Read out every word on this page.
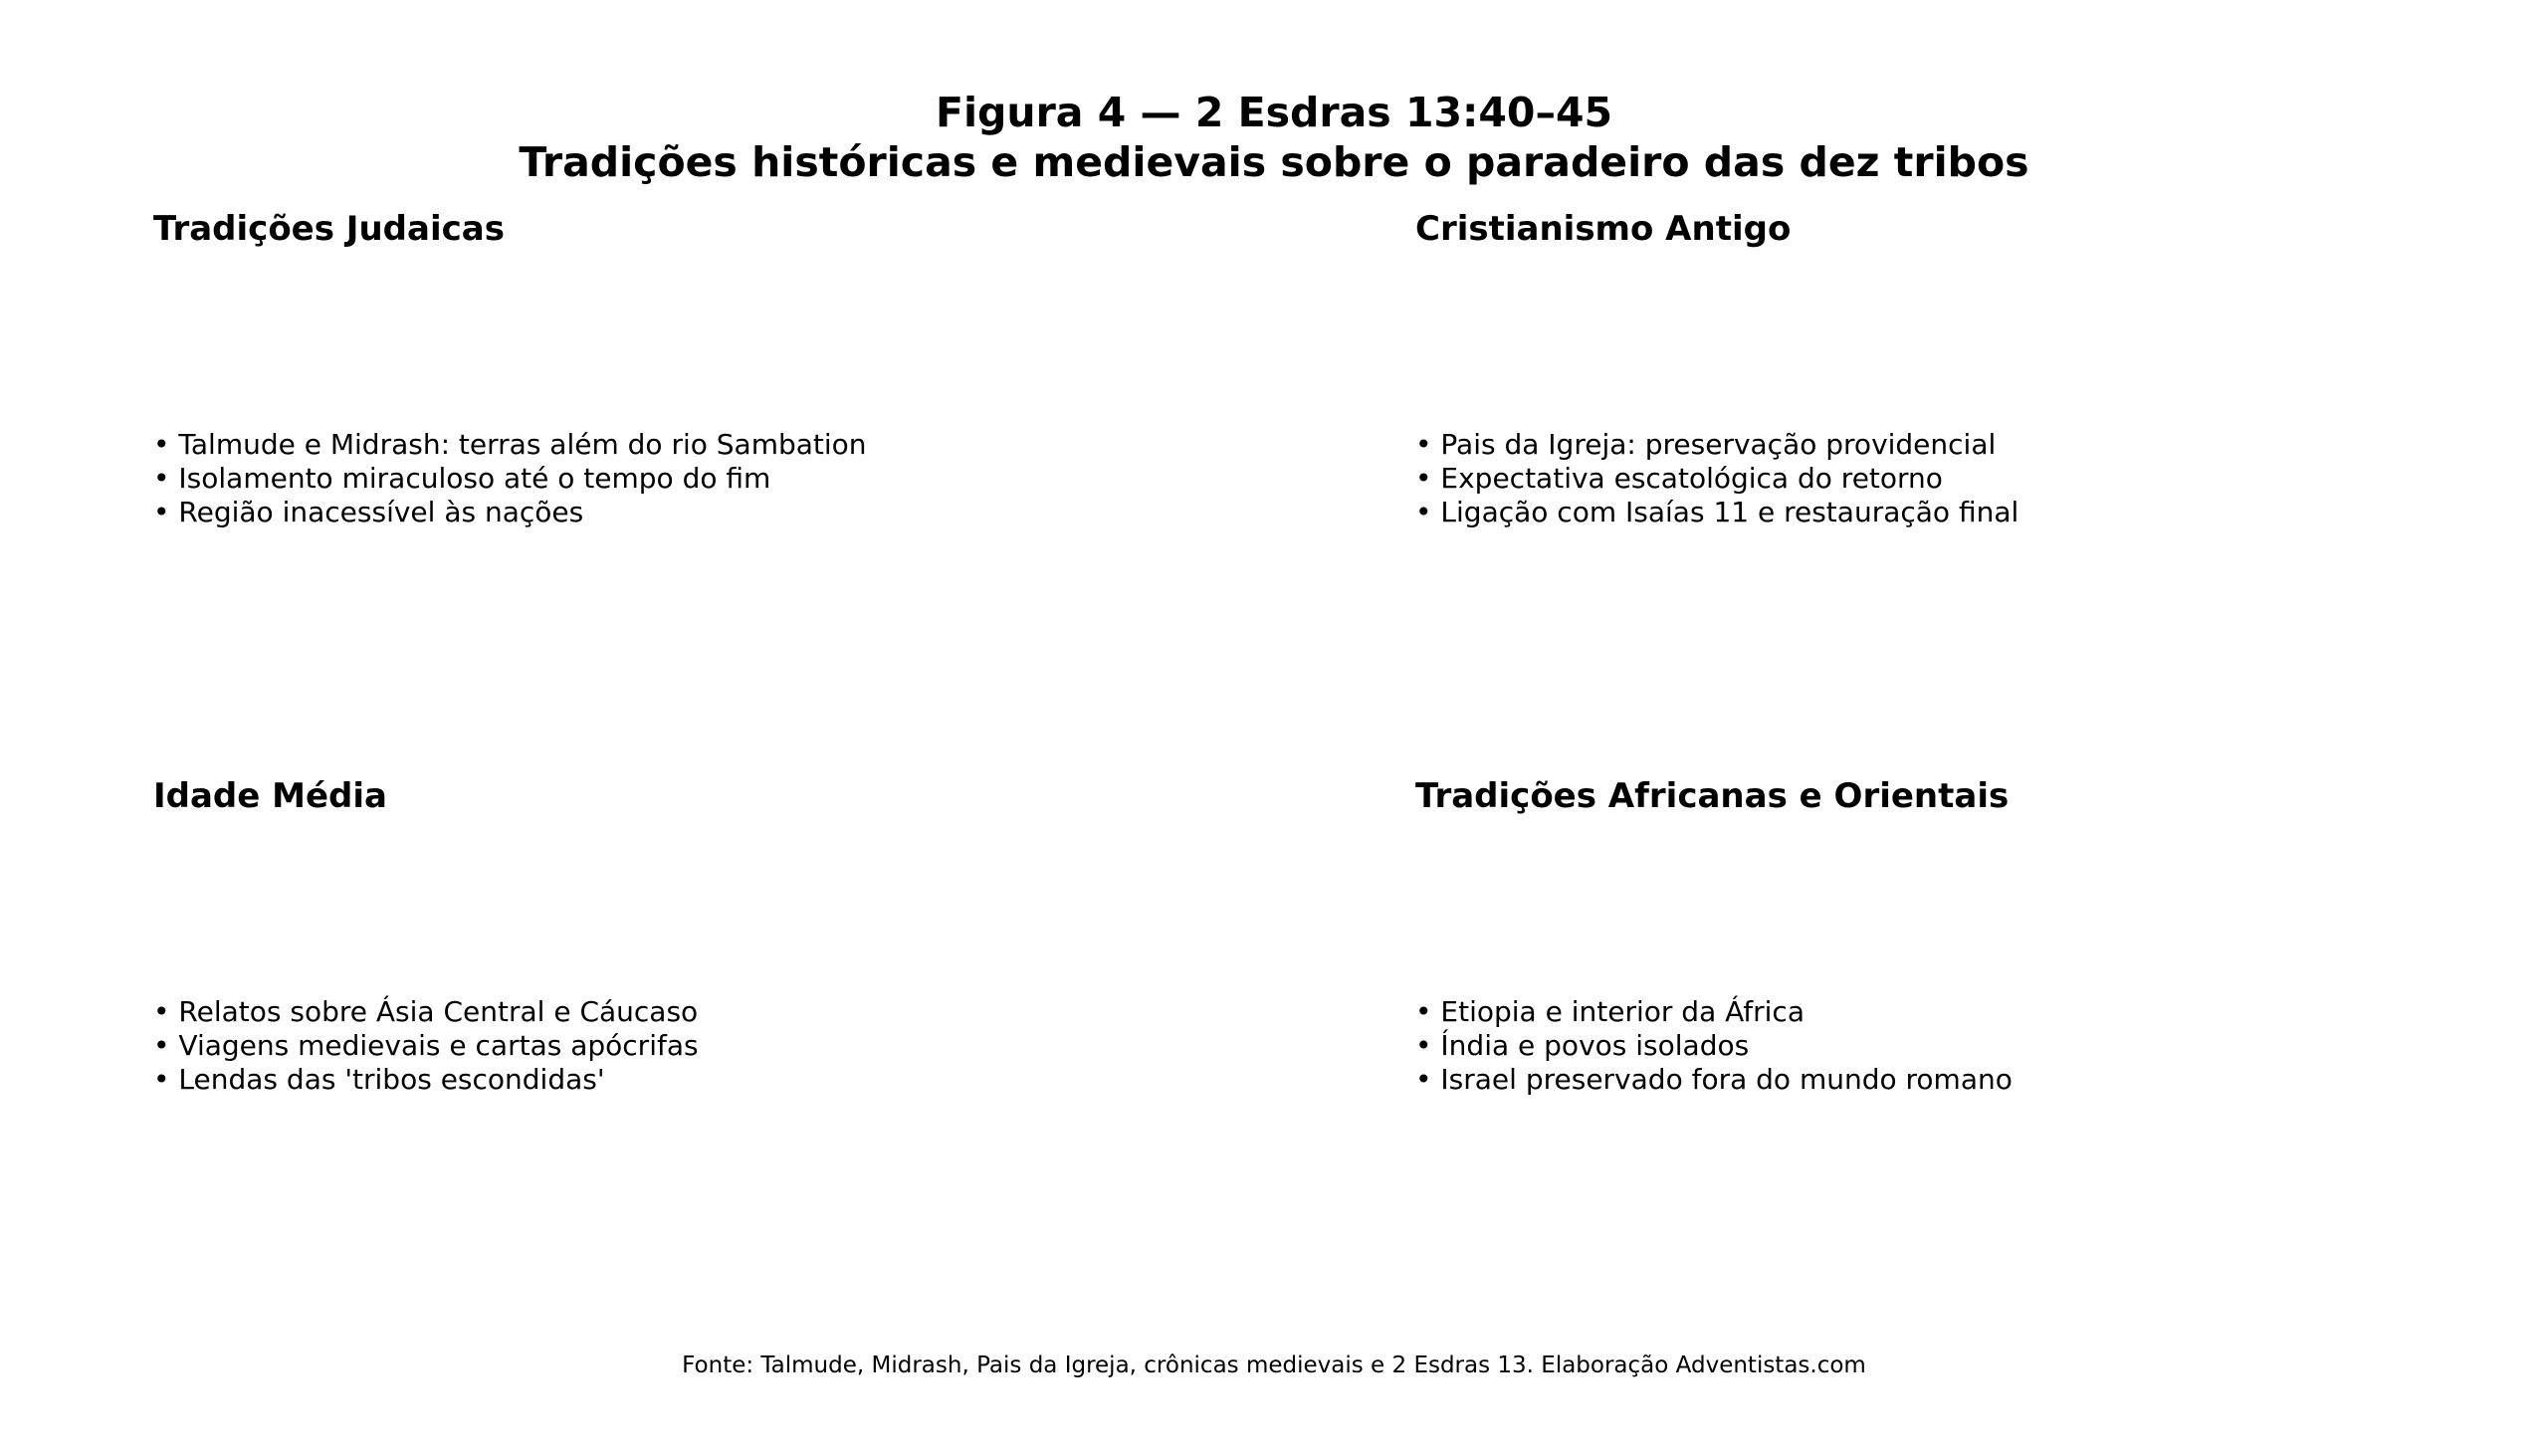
Figura 4 — 2 Esdras 13:40–45
Tradições históricas e medievais sobre o paradeiro das dez tribos
Tradições Judaicas
• Talmude e Midrash: terras além do rio Sambation
• Isolamento miraculoso até o tempo do fim
• Região inacessível às nações
Cristianismo Antigo
• Pais da Igreja: preservação providencial
• Expectativa escatológica do retorno
• Ligação com Isaías 11 e restauração final
Idade Média
• Relatos sobre Ásia Central e Cáucaso
• Viagens medievais e cartas apócrifas
• Lendas das 'tribos escondidas'
Tradições Africanas e Orientais
• Etiopia e interior da África
• Índia e povos isolados
• Israel preservado fora do mundo romano

Fonte: Talmude, Midrash, Pais da Igreja, crônicas medievais e 2 Esdras 13. Elaboração Adventistas.com
